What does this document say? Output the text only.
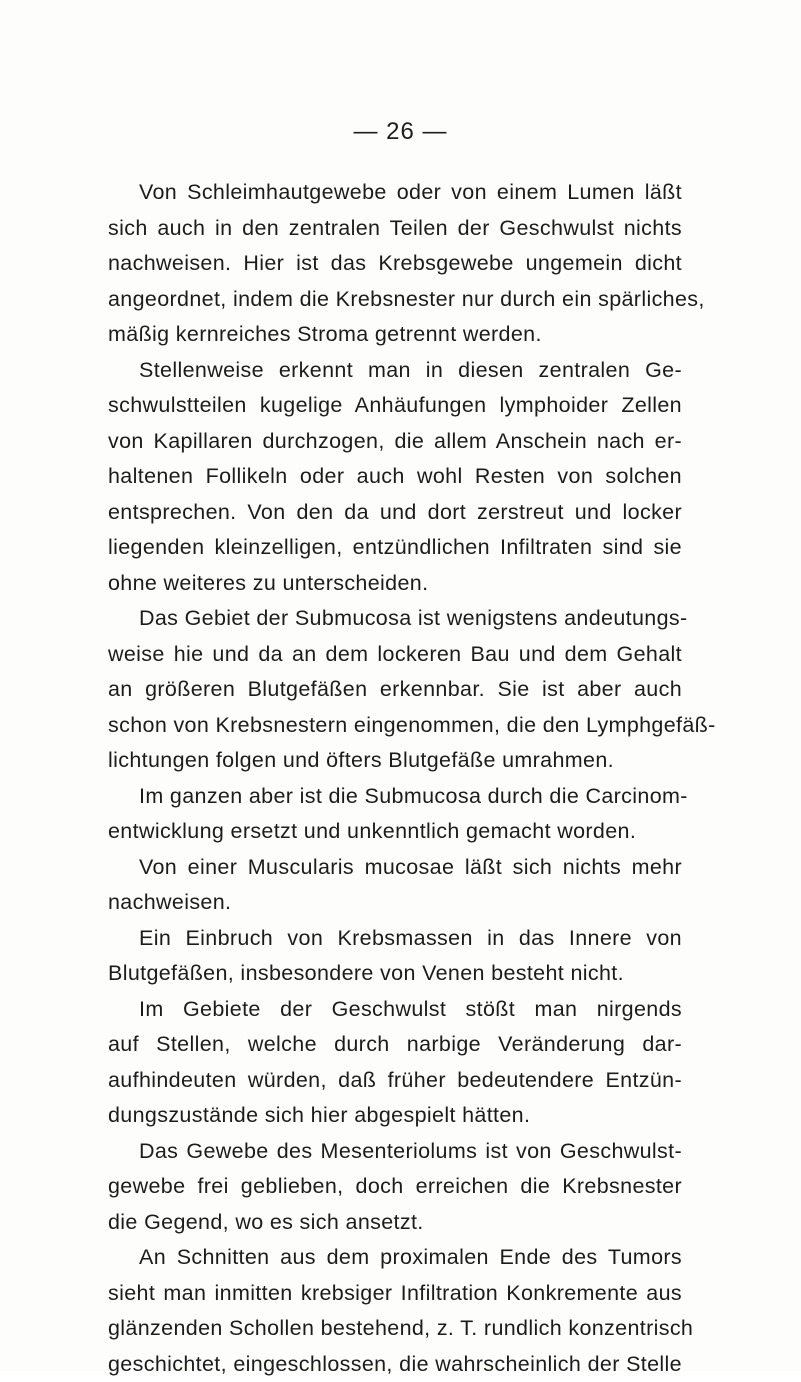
— 26 —
Von Schleimhautgewebe oder von einem Lumen läßt
sich auch in den zentralen Teilen der Geschwulst nichts
nachweisen. Hier ist das Krebsgewebe ungemein dicht
angeordnet, indem die Krebsnester nur durch ein spärliches,
mäßig kernreiches Stroma getrennt werden.
Stellenweise erkennt man in diesen zentralen Ge-
schwulstteilen kugelige Anhäufungen lymphoider Zellen
von Kapillaren durchzogen, die allem Anschein nach er-
haltenen Follikeln oder auch wohl Resten von solchen
entsprechen. Von den da und dort zerstreut und locker
liegenden kleinzelligen, entzündlichen Infiltraten sind sie
ohne weiteres zu unterscheiden.
Das Gebiet der Submucosa ist wenigstens andeutungs-
weise hie und da an dem lockeren Bau und dem Gehalt
an größeren Blutgefäßen erkennbar. Sie ist aber auch
schon von Krebsnestern eingenommen, die den Lymphgefäß-
lichtungen folgen und öfters Blutgefäße umrahmen.
Im ganzen aber ist die Submucosa durch die Carcinom-
entwicklung ersetzt und unkenntlich gemacht worden.
Von einer Muscularis mucosae läßt sich nichts mehr
nachweisen.
Ein Einbruch von Krebsmassen in das Innere von
Blutgefäßen, insbesondere von Venen besteht nicht.
Im Gebiete der Geschwulst stößt man nirgends
auf Stellen, welche durch narbige Veränderung dar-
aufhindeuten würden, daß früher bedeutendere Entzün-
dungszustände sich hier abgespielt hätten.
Das Gewebe des Mesenteriolums ist von Geschwulst-
gewebe frei geblieben, doch erreichen die Krebsnester
die Gegend, wo es sich ansetzt.
An Schnitten aus dem proximalen Ende des Tumors
sieht man inmitten krebsiger Infiltration Konkremente aus
glänzenden Schollen bestehend, z. T. rundlich konzentrisch
geschichtet, eingeschlossen, die wahrscheinlich der Stelle
